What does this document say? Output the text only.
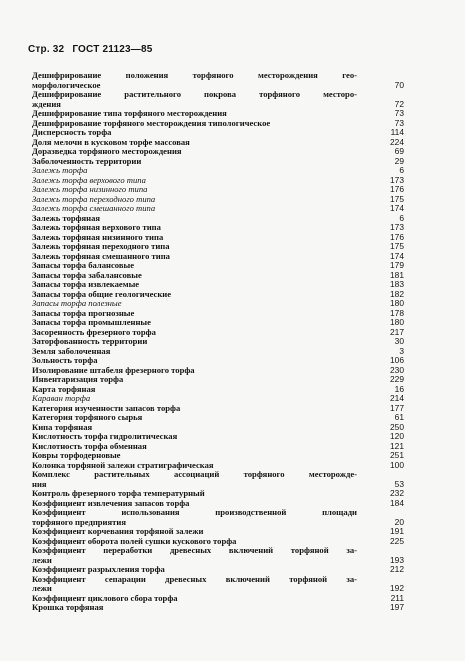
Стр. 32 ГОСТ 21123—85
Дешифрирование положения торфяного месторождения гео-
морфологическое	70
Дешифрирование растительного покрова торфяного месторо-
ждения	72
Дешифрирование типа торфяного месторождения	73
Дешифрирование торфяного месторождения типологическое	73
Дисперсность торфа	114
Доля мелочи в кусковом торфе массовая	224
Доразведка торфяного месторождения	69
Заболоченность территории	29
Залежь торфа	6
Залежь торфа верхового типа	173
Залежь торфа низинного типа	176
Залежь торфа переходного типа	175
Залежь торфа смешанного типа	174
Залежь торфяная	6
Залежь торфяная верхового типа	173
Залежь торфяная низинного типа	176
Залежь торфяная переходного типа	175
Залежь торфяная смешанного типа	174
Запасы торфа балансовые	179
Запасы торфа забалансовые	181
Запасы торфа извлекаемые	183
Запасы торфа общие геологические	182
Запасы торфа полезные	180
Запасы торфа прогнозные	178
Запасы торфа промышленные	180
Засоренность фрезерного торфа	217
Заторфованность территории	30
Земля заболоченная	3
Зольность торфа	106
Изолирование штабеля фрезерного торфа	230
Инвентаризация торфа	229
Карта торфяная	16
Караван торфа	214
Категория изученности запасов торфа	177
Категория торфяного сырья	61
Кипа торфяная	250
Кислотность торфа гидролитическая	120
Кислотность торфа обменная	121
Ковры торфодерновые	251
Колонка торфяной залежи стратиграфическая	100
Комплекс растительных ассоциаций торфяного месторожде-
ния	53
Контроль фрезерного торфа температурный	232
Коэффициент извлечения запасов торфа	184
Коэффициент использования производственной площади
торфяного предприятия	20
Коэффициент корчевания торфяной залежи	191
Коэффициент оборота полей сушки кускового торфа	225
Коэффициент переработки древесных включений торфяной за-
лежи	193
Коэффициент разрыхления торфа	212
Коэффициент сепарации древесных включений торфяной за-
лежи	192
Коэффициент циклового сбора торфа	211
Крошка торфяная	197
